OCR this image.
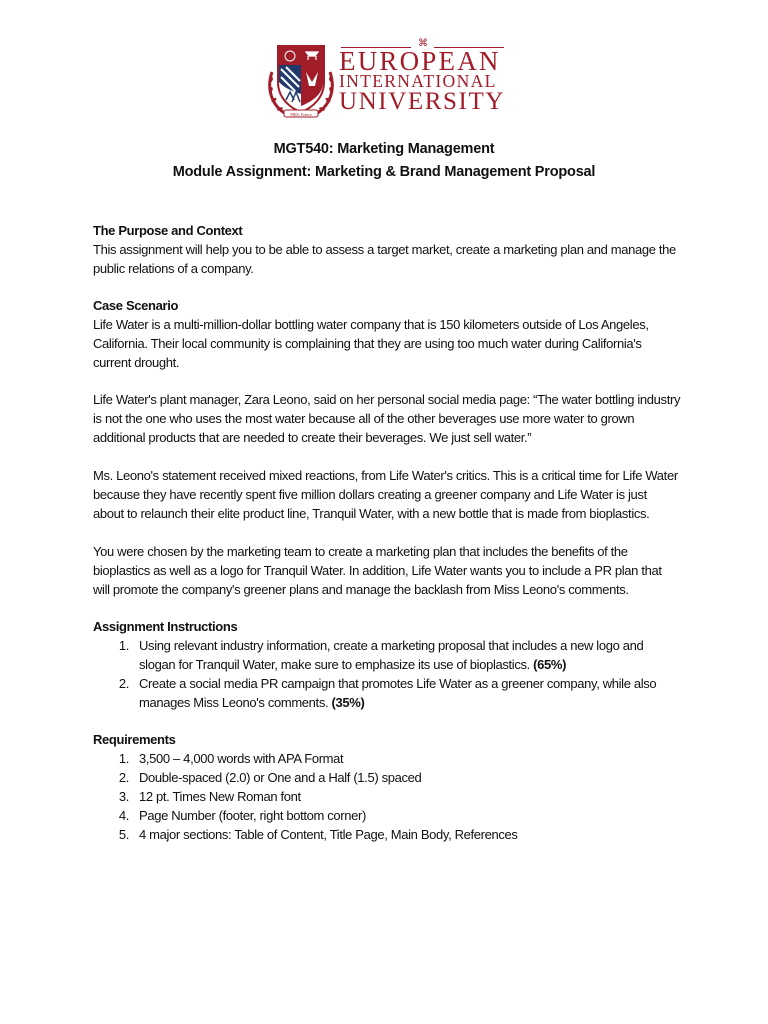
PRIS, France
⌘
EUROPEAN
INTERNATIONAL
UNIVERSITY
MGT540: Marketing Management
Module Assignment: Marketing & Brand Management Proposal
The Purpose and Context
This assignment will help you to be able to assess a target market, create a marketing plan and manage the
public relations of a company.
Case Scenario
Life Water is a multi-million-dollar bottling water company that is 150 kilometers outside of Los Angeles,
California. Their local community is complaining that they are using too much water during California's
current drought.
Life Water's plant manager, Zara Leono, said on her personal social media page: “The water bottling industry
is not the one who uses the most water because all of the other beverages use more water to grown
additional products that are needed to create their beverages. We just sell water.”
Ms. Leono's statement received mixed reactions, from Life Water's critics. This is a critical time for Life Water
because they have recently spent five million dollars creating a greener company and Life Water is just
about to relaunch their elite product line, Tranquil Water, with a new bottle that is made from bioplastics.
You were chosen by the marketing team to create a marketing plan that includes the benefits of the
bioplastics as well as a logo for Tranquil Water. In addition, Life Water wants you to include a PR plan that
will promote the company's greener plans and manage the backlash from Miss Leono's comments.
Assignment Instructions
1. Using relevant industry information, create a marketing proposal that includes a new logo and
slogan for Tranquil Water, make sure to emphasize its use of bioplastics. (65%)
2. Create a social media PR campaign that promotes Life Water as a greener company, while also
manages Miss Leono's comments. (35%)
Requirements
1. 3,500 – 4,000 words with APA Format
2. Double-spaced (2.0) or One and a Half (1.5) spaced
3. 12 pt. Times New Roman font
4. Page Number (footer, right bottom corner)
5. 4 major sections: Table of Content, Title Page, Main Body, References
